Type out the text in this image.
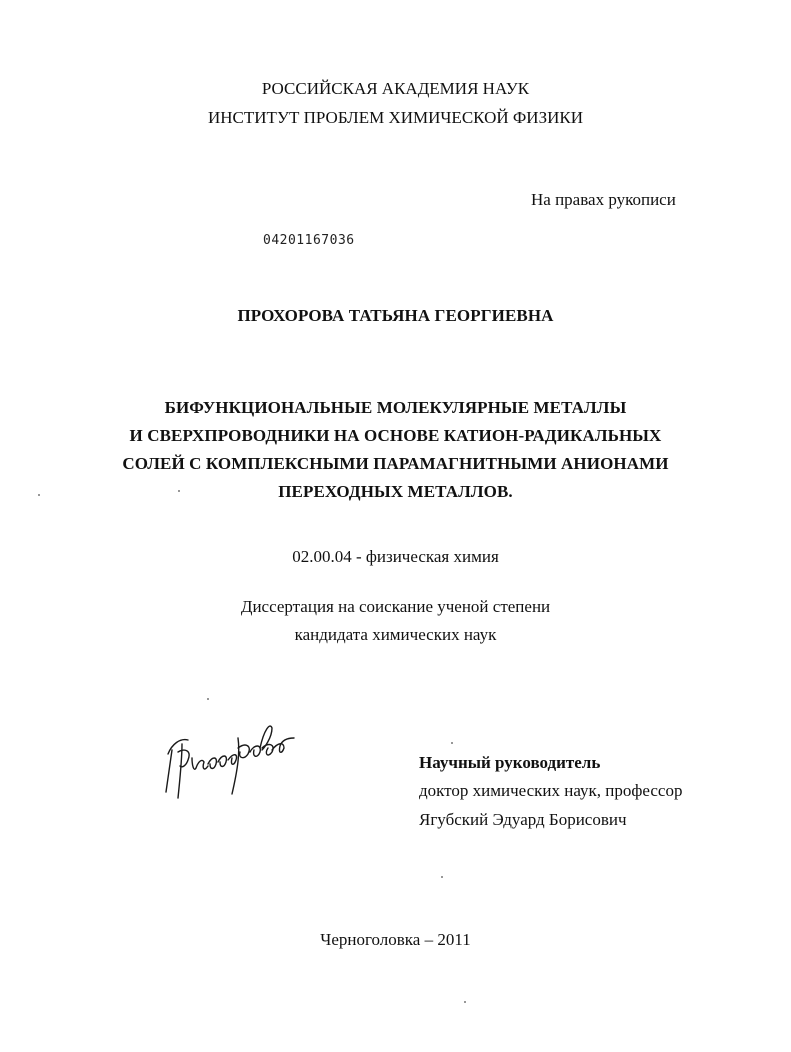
РОССИЙСКАЯ АКАДЕМИЯ НАУК
ИНСТИТУТ ПРОБЛЕМ ХИМИЧЕСКОЙ ФИЗИКИ
На правах рукописи
04201167036
ПРОХОРОВА ТАТЬЯНА ГЕОРГИЕВНА
БИФУНКЦИОНАЛЬНЫЕ МОЛЕКУЛЯРНЫЕ МЕТАЛЛЫ
И СВЕРХПРОВОДНИКИ НА ОСНОВЕ КАТИОН-РАДИКАЛЬНЫХ
СОЛЕЙ С КОМПЛЕКСНЫМИ ПАРАМАГНИТНЫМИ АНИОНАМИ
ПЕРЕХОДНЫХ МЕТАЛЛОВ.
02.00.04 - физическая химия
Диссертация на соискание ученой степени
кандидата химических наук
Научный руководитель
доктор химических наук, профессор
Ягубский Эдуард Борисович
Черноголовка – 2011
